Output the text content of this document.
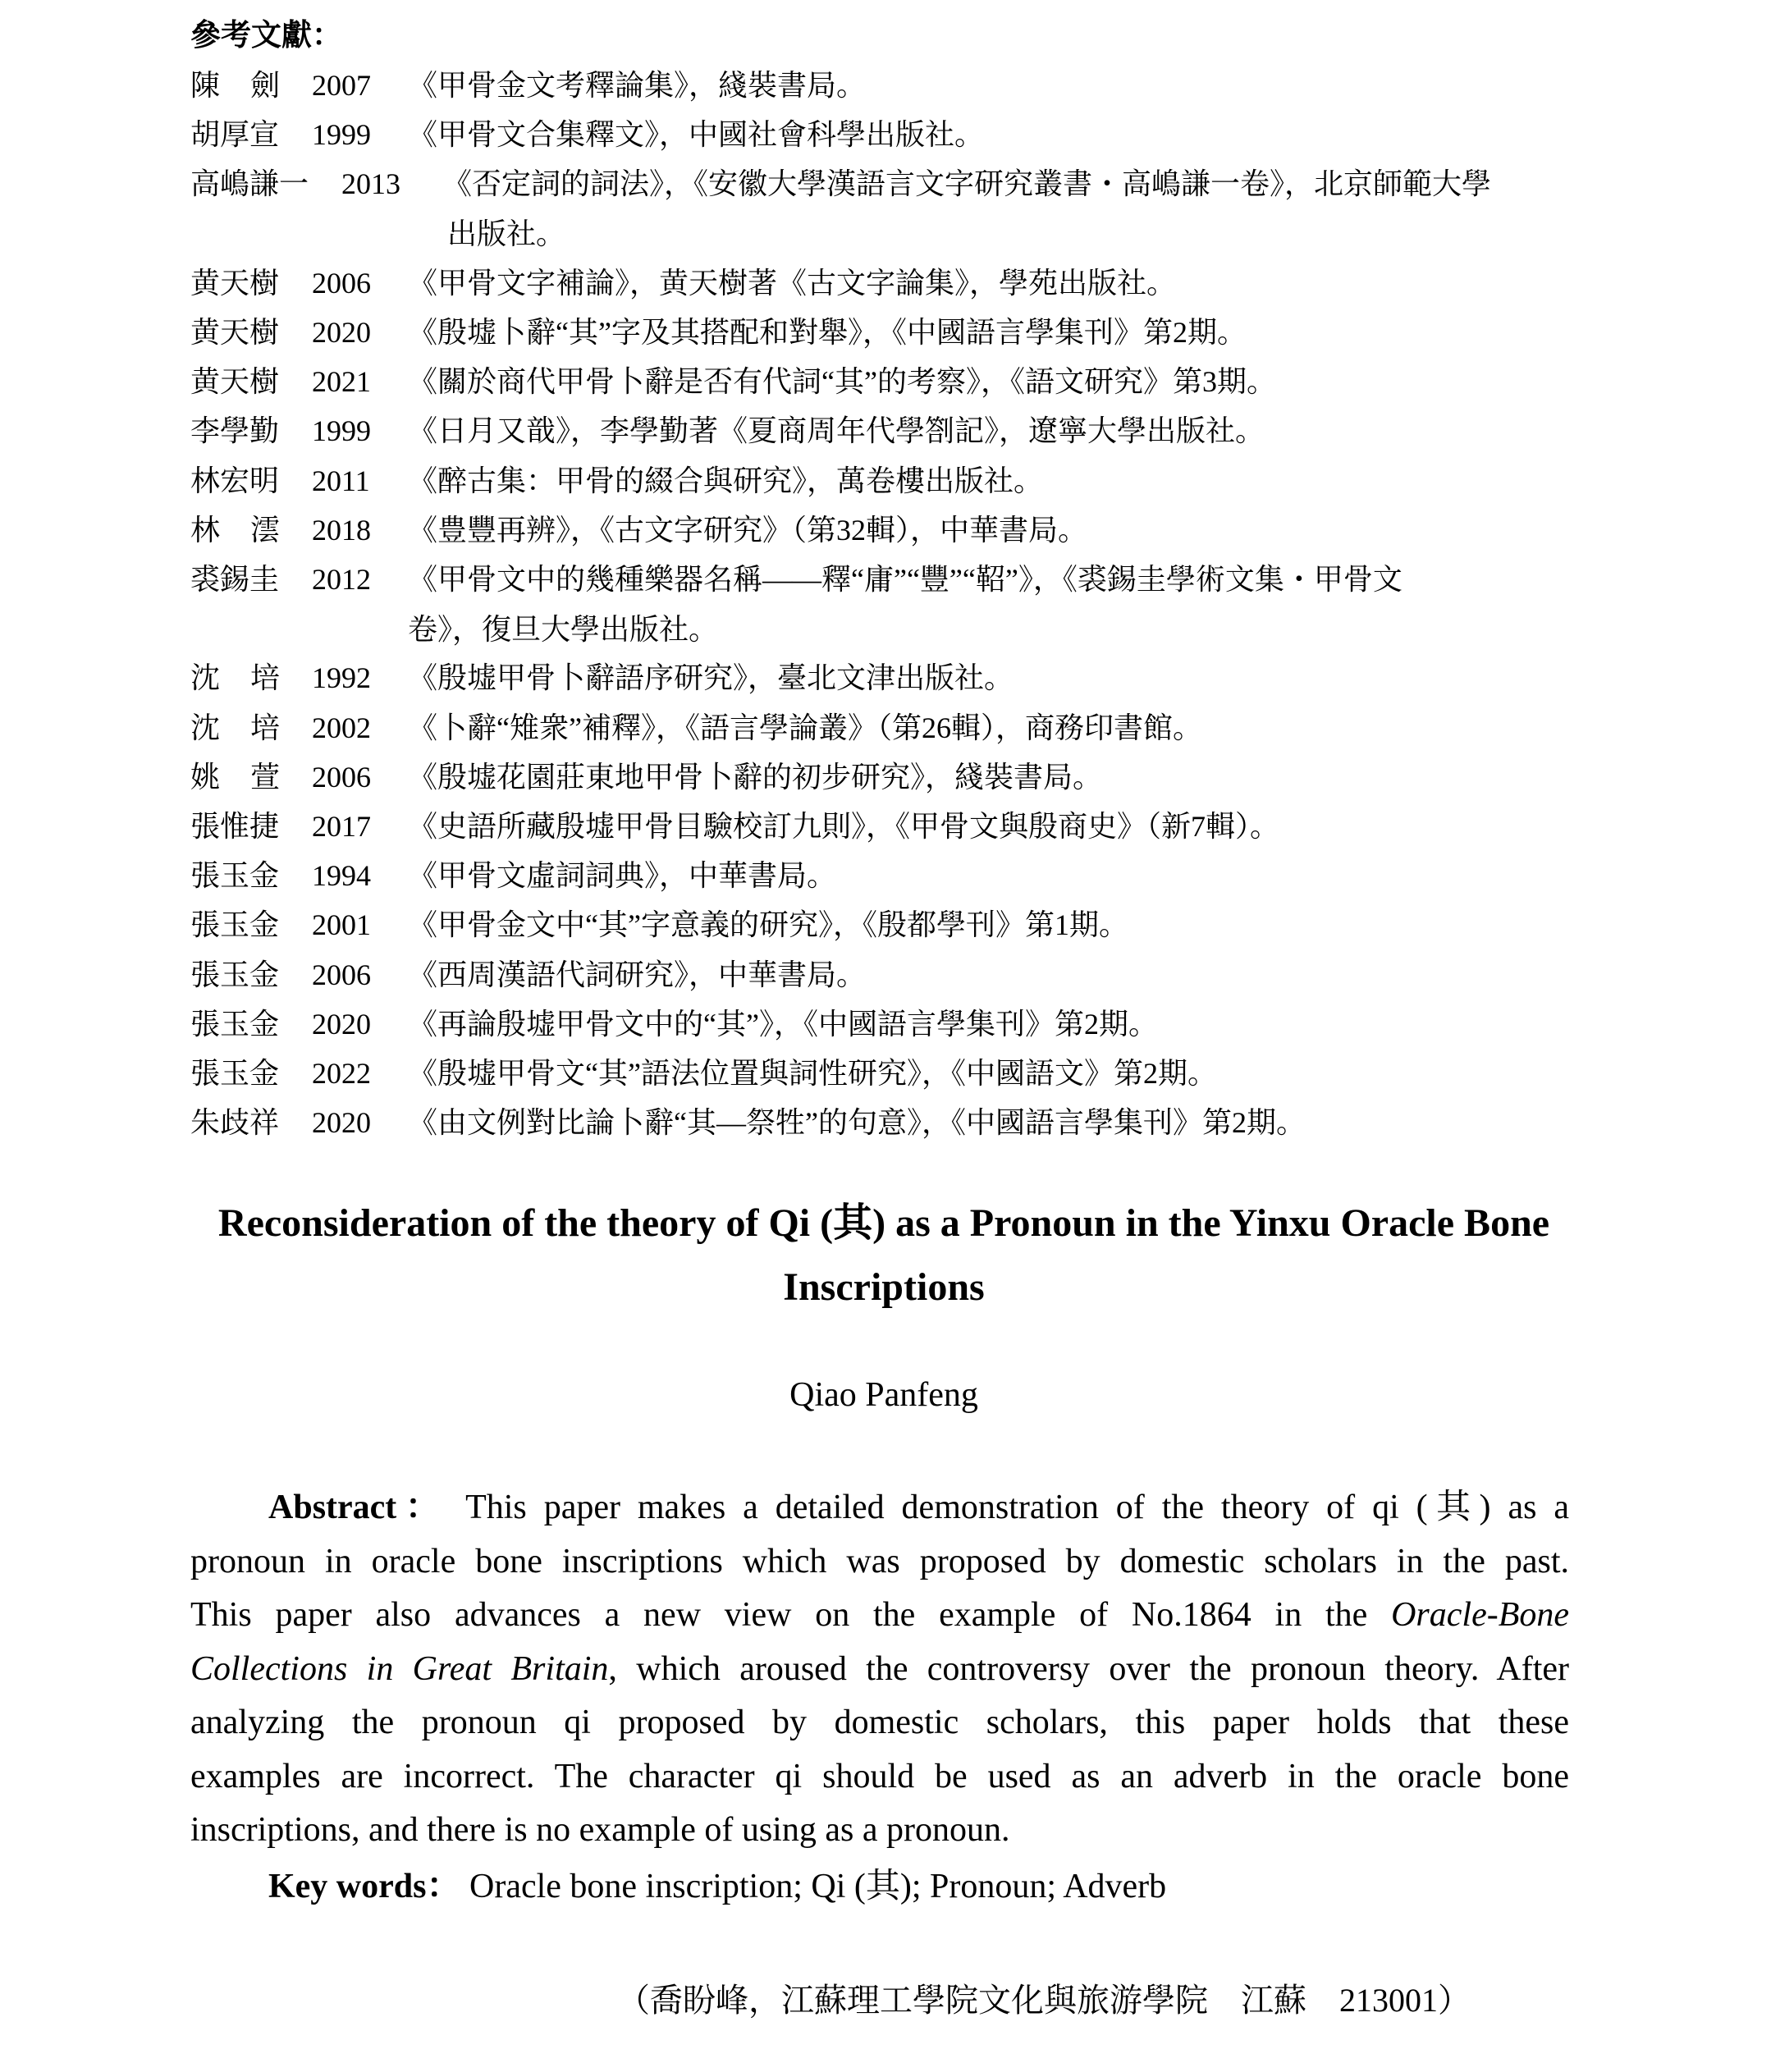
參考文獻：
陳劍 2007 《甲骨金文考釋論集》，綫裝書局。
胡厚宣 1999 《甲骨文合集釋文》，中國社會科學出版社。
高嶋謙一 2013 《否定詞的詞法》，《安徽大學漢語言文字研究叢書・高嶋謙一卷》，北京師範大學
出版社。
黄天樹 2006 《甲骨文字補論》，黄天樹著《古文字論集》，學苑出版社。
黄天樹 2020 《殷墟卜辭“其”字及其搭配和對舉》，《中國語言學集刊》第2期。
黄天樹 2021 《關於商代甲骨卜辭是否有代詞“其”的考察》，《語文研究》第3期。
李學勤 1999 《日月又戠》，李學勤著《夏商周年代學劄記》，遼寧大學出版社。
林宏明 2011 《醉古集：甲骨的綴合與研究》，萬卷樓出版社。
林澐 2018 《豊豐再辨》，《古文字研究》（第32輯），中華書局。
裘錫圭 2012 《甲骨文中的幾種樂器名稱——釋“庸”“豐”“鞀”》，《裘錫圭學術文集・甲骨文
卷》，復旦大學出版社。
沈培 1992 《殷墟甲骨卜辭語序研究》，臺北文津出版社。
沈培 2002 《卜辭“雉衆”補釋》，《語言學論叢》（第26輯），商務印書館。
姚萱 2006 《殷墟花園莊東地甲骨卜辭的初步研究》，綫裝書局。
張惟捷 2017 《史語所藏殷墟甲骨目驗校訂九則》，《甲骨文與殷商史》（新7輯）。
張玉金 1994 《甲骨文虛詞詞典》，中華書局。
張玉金 2001 《甲骨金文中“其”字意義的研究》，《殷都學刊》第1期。
張玉金 2006 《西周漢語代詞研究》，中華書局。
張玉金 2020 《再論殷墟甲骨文中的“其”》，《中國語言學集刊》第2期。
張玉金 2022 《殷墟甲骨文“其”語法位置與詞性研究》，《中國語文》第2期。
朱歧祥 2020 《由文例對比論卜辭“其―祭牲”的句意》，《中國語言學集刊》第2期。
Reconsideration of the theory of Qi (其) as a Pronoun in the Yinxu Oracle Bone
Inscriptions
Qiao Panfeng
Abstract： This paper makes a detailed demonstration of the theory of qi (其) as a
pronoun in oracle bone inscriptions which was proposed by domestic scholars in the past.
This paper also advances a new view on the example of No.1864 in the Oracle-Bone
Collections in Great Britain, which aroused the controversy over the pronoun theory. After
analyzing the pronoun qi proposed by domestic scholars, this paper holds that these
examples are incorrect. The character qi should be used as an adverb in the oracle bone
inscriptions, and there is no example of using as a pronoun.
Key words： Oracle bone inscription; Qi (其); Pronoun; Adverb
（喬盼峰，江蘇理工學院文化與旅游學院　江蘇　213001）
